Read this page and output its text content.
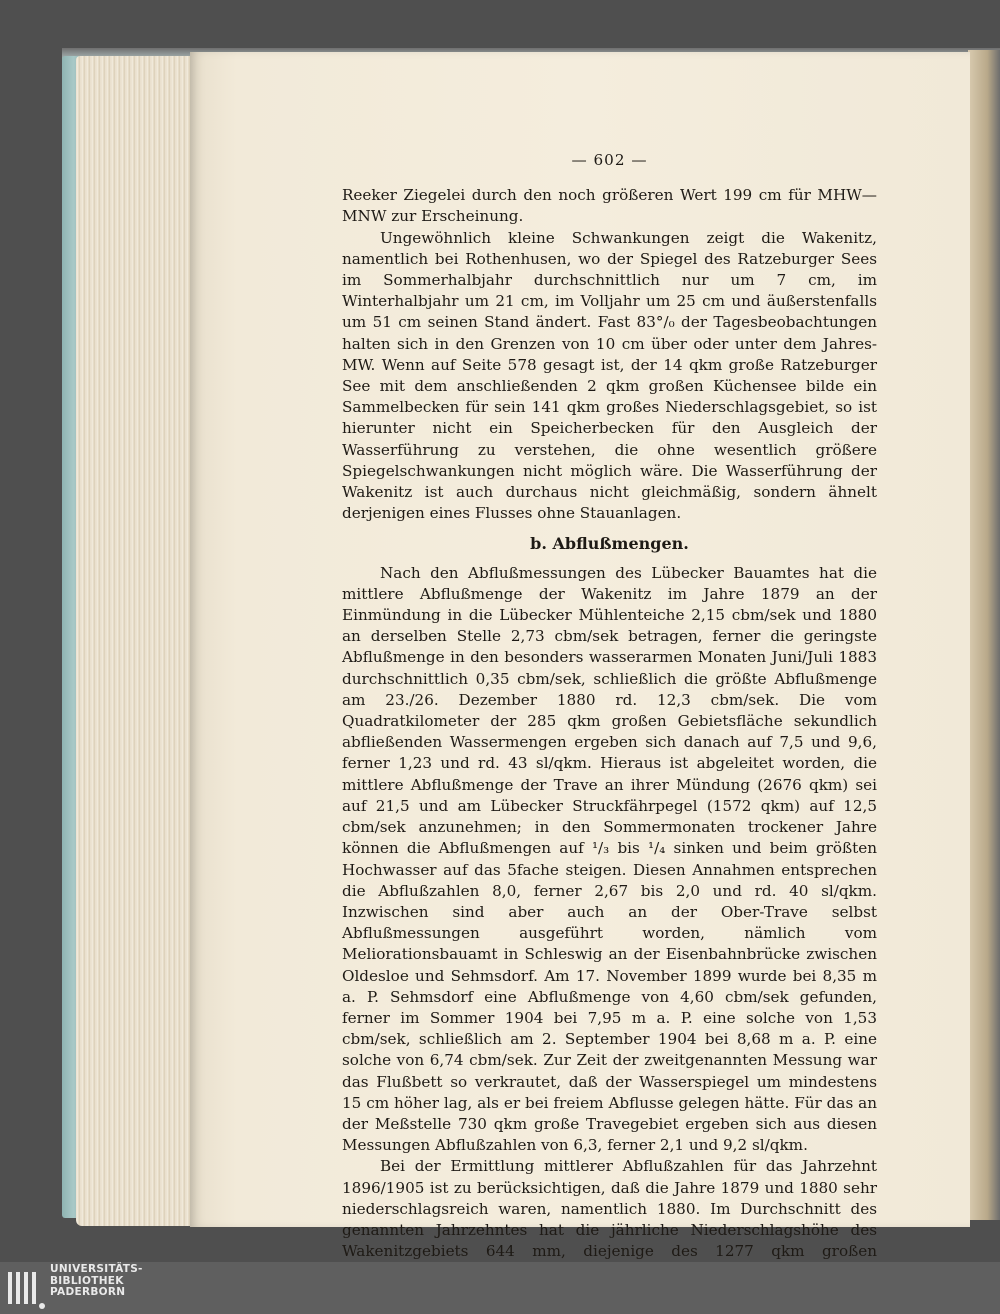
— 602 —

Reeker Ziegelei durch den noch größeren Wert 199 cm für MHW—MNW zur Erscheinung.

Ungewöhnlich kleine Schwankungen zeigt die Wakenitz, namentlich bei Rothenhusen, wo der Spiegel des Ratzeburger Sees im Sommerhalbjahr durchschnittlich nur um 7 cm, im Winterhalbjahr um 21 cm, im Volljahr um 25 cm und äußerstenfalls um 51 cm seinen Stand ändert. Fast 83°/₀ der Tagesbeobachtungen halten sich in den Grenzen von 10 cm über oder unter dem Jahres-MW. Wenn auf Seite 578 gesagt ist, der 14 qkm große Ratzeburger See mit dem anschließenden 2 qkm großen Küchensee bilde ein Sammelbecken für sein 141 qkm großes Niederschlagsgebiet, so ist hierunter nicht ein Speicherbecken für den Ausgleich der Wasserführung zu verstehen, die ohne wesentlich größere Spiegelschwankungen nicht möglich wäre. Die Wasserführung der Wakenitz ist auch durchaus nicht gleichmäßig, sondern ähnelt derjenigen eines Flusses ohne Stauanlagen.

b. Abflußmengen.

Nach den Abflußmessungen des Lübecker Bauamtes hat die mittlere Abflußmenge der Wakenitz im Jahre 1879 an der Einmündung in die Lübecker Mühlenteiche 2,15 cbm/sek und 1880 an derselben Stelle 2,73 cbm/sek betragen, ferner die geringste Abflußmenge in den besonders wasserarmen Monaten Juni/Juli 1883 durchschnittlich 0,35 cbm/sek, schließlich die größte Abflußmenge am 23./26. Dezember 1880 rd. 12,3 cbm/sek. Die vom Quadratkilometer der 285 qkm großen Gebietsfläche sekundlich abfließenden Wassermengen ergeben sich danach auf 7,5 und 9,6, ferner 1,23 und rd. 43 sl/qkm. Hieraus ist abgeleitet worden, die mittlere Abflußmenge der Trave an ihrer Mündung (2676 qkm) sei auf 21,5 und am Lübecker Struckfährpegel (1572 qkm) auf 12,5 cbm/sek anzunehmen; in den Sommermonaten trockener Jahre können die Abflußmengen auf ¹/₃ bis ¹/₄ sinken und beim größten Hochwasser auf das 5fache steigen. Diesen Annahmen entsprechen die Abflußzahlen 8,0, ferner 2,67 bis 2,0 und rd. 40 sl/qkm. Inzwischen sind aber auch an der Ober-Trave selbst Abflußmessungen ausgeführt worden, nämlich vom Meliorationsbauamt in Schleswig an der Eisenbahnbrücke zwischen Oldesloe und Sehmsdorf. Am 17. November 1899 wurde bei 8,35 m a. P. Sehmsdorf eine Abflußmenge von 4,60 cbm/sek gefunden, ferner im Sommer 1904 bei 7,95 m a. P. eine solche von 1,53 cbm/sek, schließlich am 2. September 1904 bei 8,68 m a. P. eine solche von 6,74 cbm/sek. Zur Zeit der zweitgenannten Messung war das Flußbett so verkrautet, daß der Wasserspiegel um mindestens 15 cm höher lag, als er bei freiem Abflusse gelegen hätte. Für das an der Meßstelle 730 qkm große Travegebiet ergeben sich aus diesen Messungen Abflußzahlen von 6,3, ferner 2,1 und 9,2 sl/qkm.

Bei der Ermittlung mittlerer Abflußzahlen für das Jahrzehnt 1896/1905 ist zu berücksichtigen, daß die Jahre 1879 und 1880 sehr niederschlagsreich waren, namentlich 1880. Im Durchschnitt des genannten Jahrzehntes hat die jährliche Niederschlagshöhe des Wakenitzgebiets 644 mm, diejenige des 1277 qkm großen

UNIVERSITÄTS-
BIBLIOTHEK
PADERBORN
